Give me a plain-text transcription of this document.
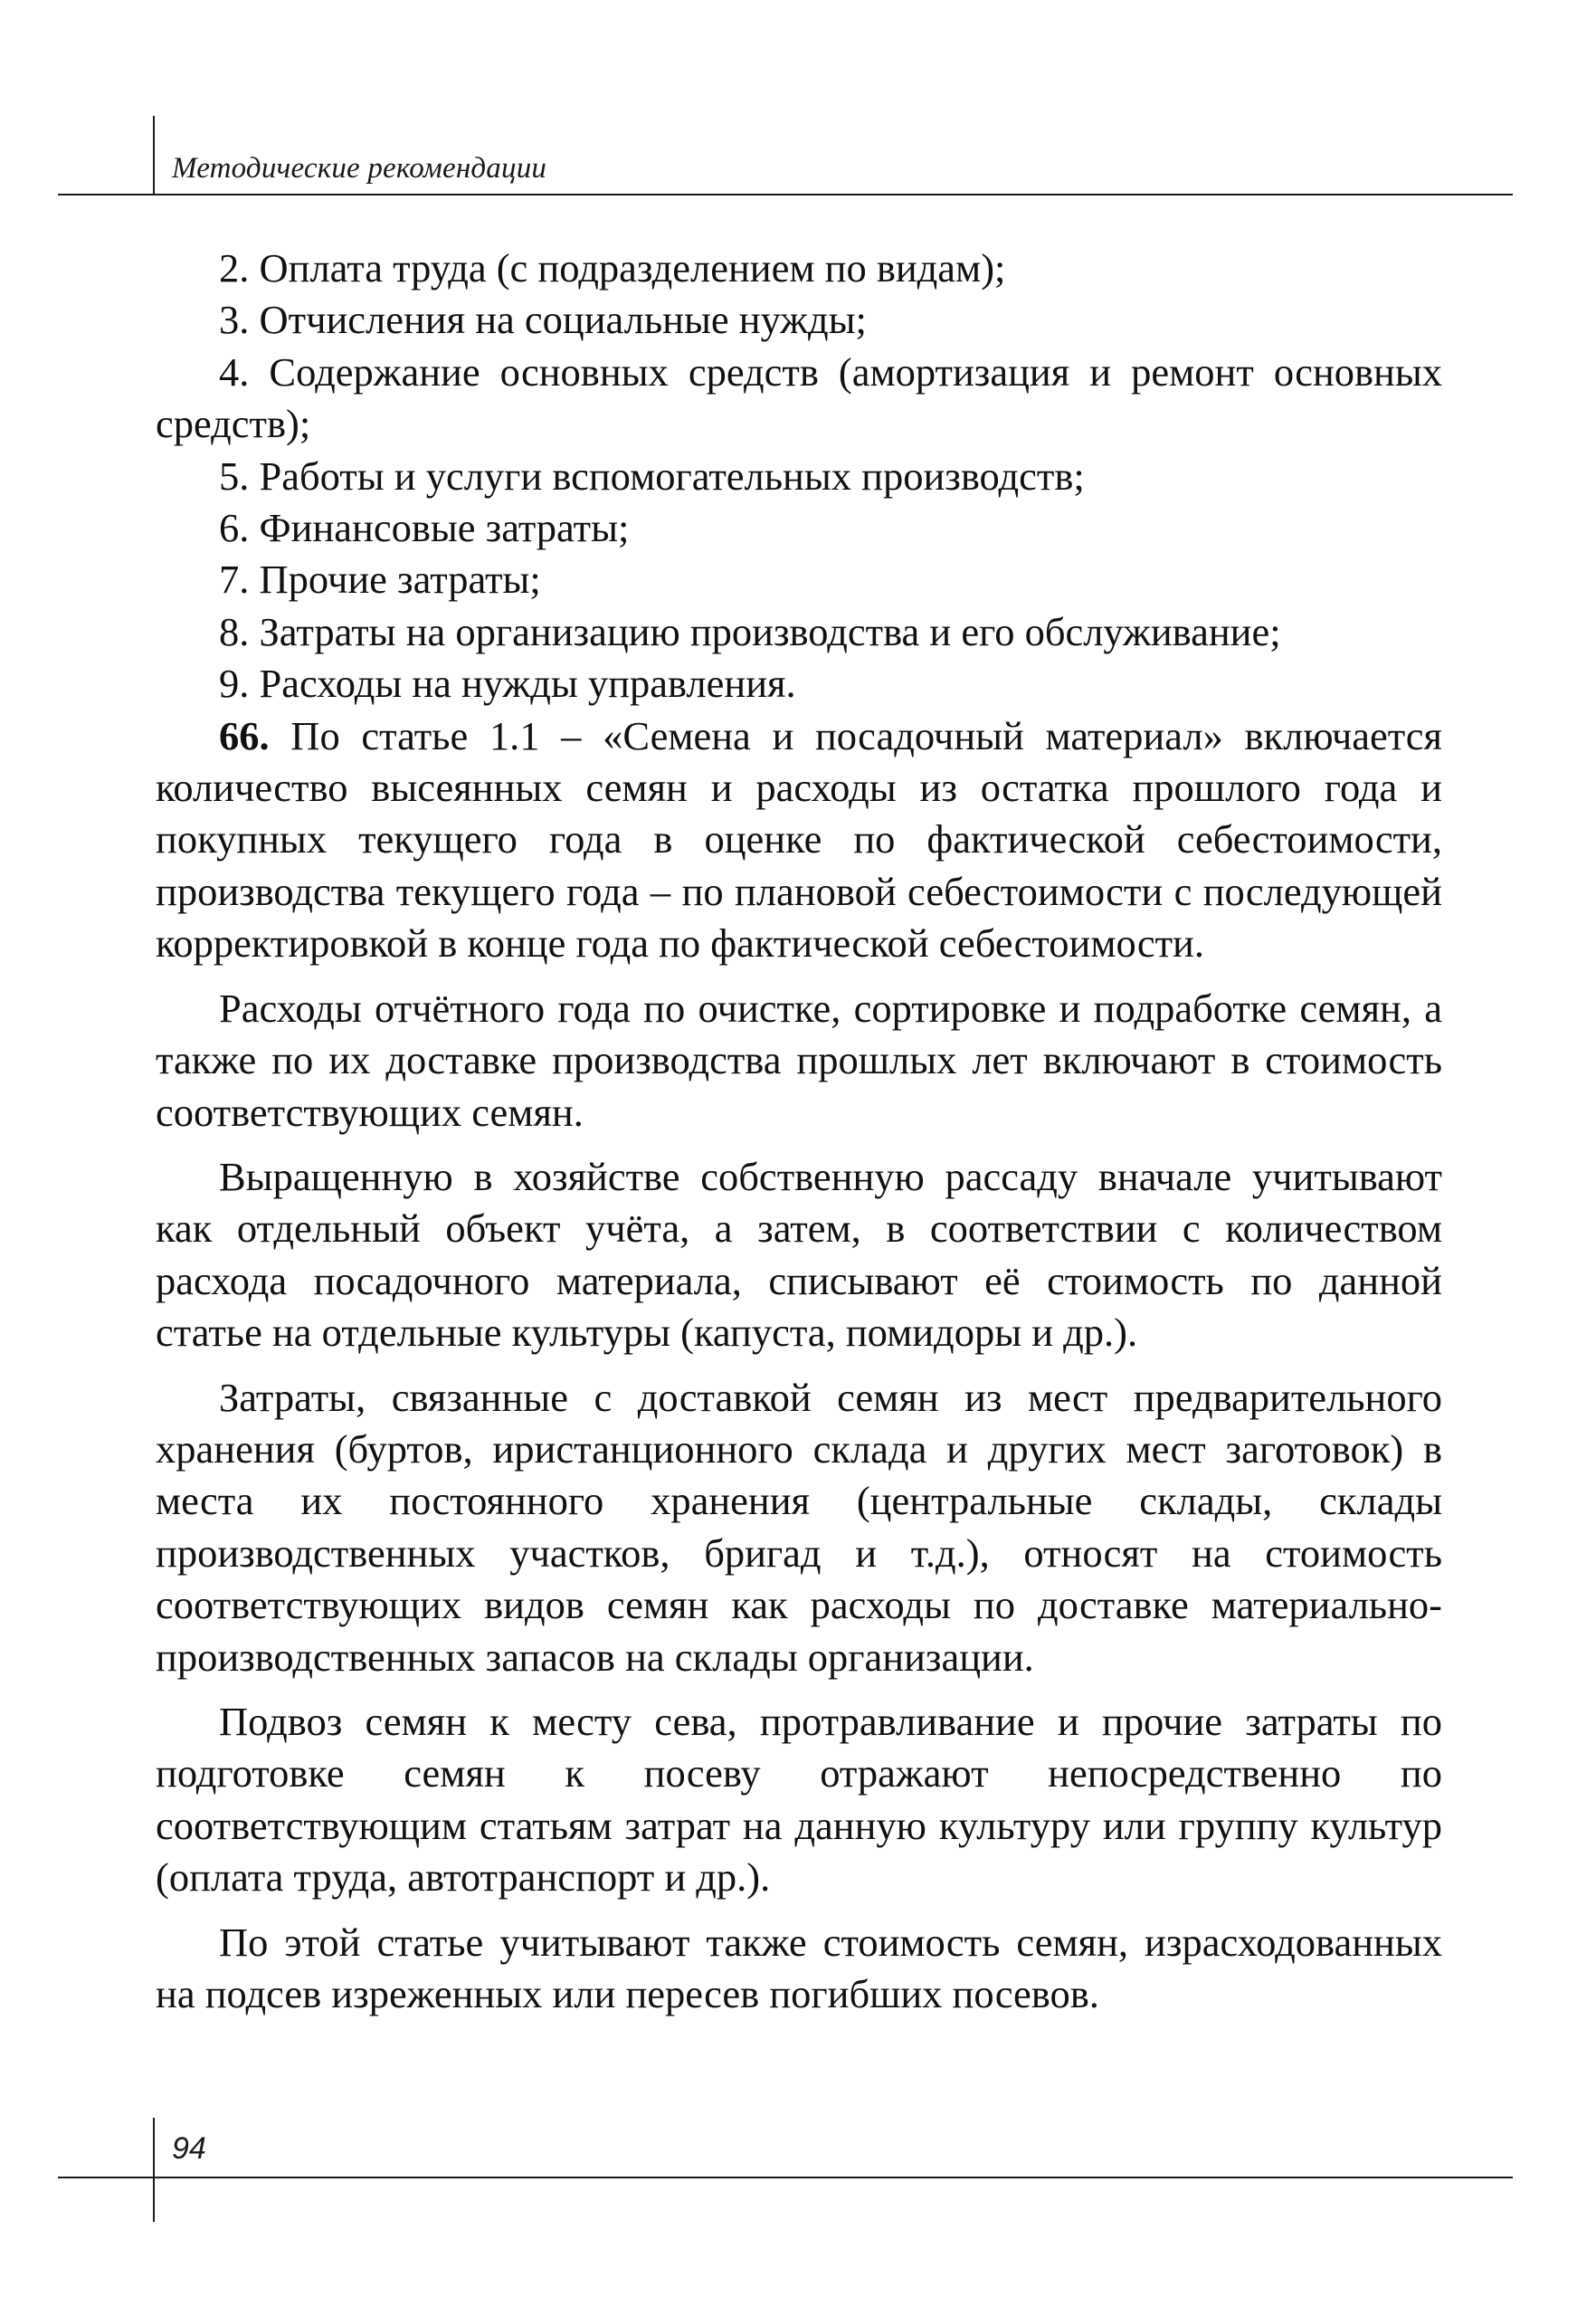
Методические рекомендации

2. Оплата труда (с подразделением по видам);

3. Отчисления на социальные нужды;

4. Содержание основных средств (амортизация и ремонт основных средств);

5. Работы и услуги вспомогательных производств;

6. Финансовые затраты;

7. Прочие затраты;

8. Затраты на организацию производства и его обслуживание;

9. Расходы на нужды управления.

66. По статье 1.1 – «Семена и посадочный материал» включается количество высеянных семян и расходы из остатка прошлого года и покупных текущего года в оценке по фактической себестоимости, производства текущего года – по плановой себестоимости с последующей корректировкой в конце года по фактической себестоимости.

Расходы отчётного года по очистке, сортировке и подработке семян, а также по их доставке производства прошлых лет включают в стоимость соответствующих семян.

Выращенную в хозяйстве собственную рассаду вначале учитывают как отдельный объект учёта, а затем, в соответствии с количеством расхода посадочного материала, списывают её стоимость по данной статье на отдельные культуры (капуста, помидоры и др.).

Затраты, связанные с доставкой семян из мест предварительного хранения (буртов, иристанционного склада и других мест заготовок) в места их постоянного хранения (центральные склады, склады производственных участков, бригад и т.д.), относят на стоимость соответствующих видов семян как расходы по доставке материально-производственных запасов на склады организации.

Подвоз семян к месту сева, протравливание и прочие затраты по подготовке семян к посеву отражают непосредственно по соответствующим статьям затрат на данную культуру или группу культур (оплата труда, автотранспорт и др.).

По этой статье учитывают также стоимость семян, израсходованных на подсев изреженных или пересев погибших посевов.

94
